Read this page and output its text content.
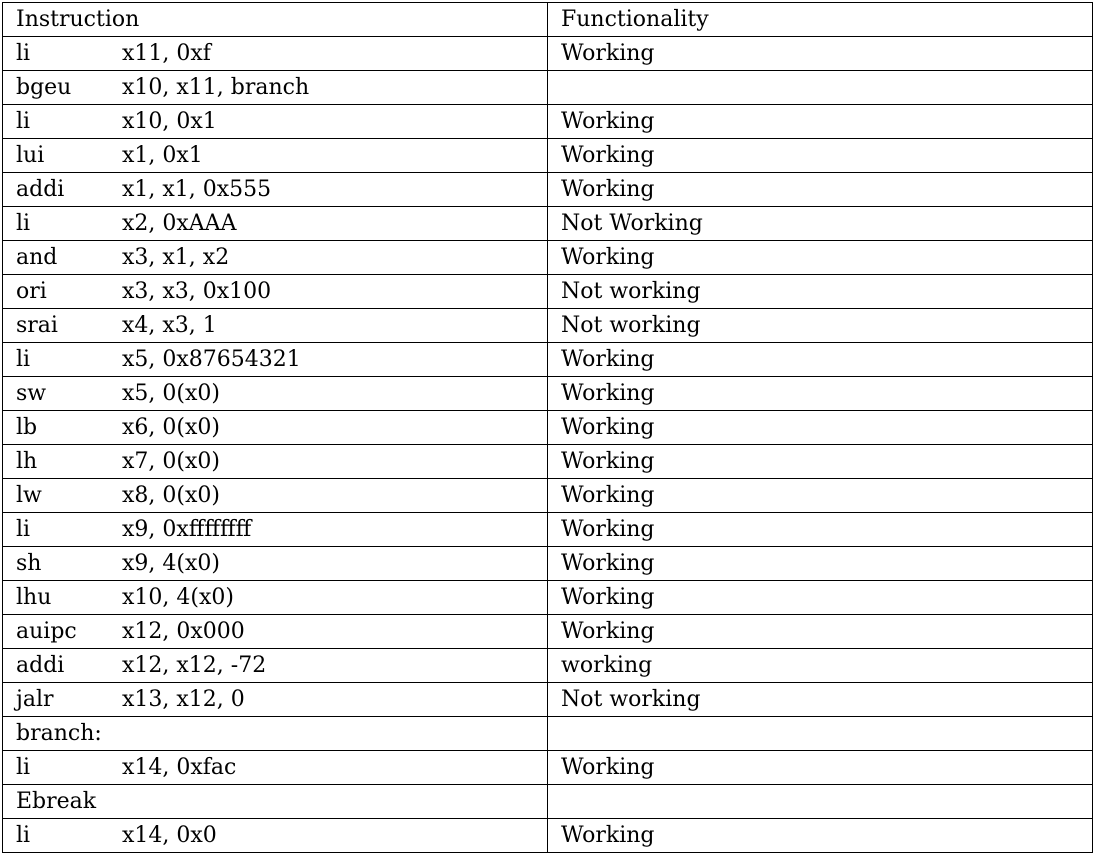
Instruction	Functionality
li x11, 0xf	Working
bgeu x10, x11, branch	
li x10, 0x1	Working
lui x1, 0x1	Working
addi x1, x1, 0x555	Working
li x2, 0xAAA	Not Working
and x3, x1, x2	Working
ori x3, x3, 0x100	Not working
srai x4, x3, 1	Not working
li x5, 0x87654321	Working
sw x5, 0(x0)	Working
lb x6, 0(x0)	Working
lh x7, 0(x0)	Working
lw x8, 0(x0)	Working
li x9, 0xffffffff	Working
sh x9, 4(x0)	Working
lhu x10, 4(x0)	Working
auipc x12, 0x000	Working
addi x12, x12, -72	working
jalr x13, x12, 0	Not working
branch:	
li x14, 0xfac	Working
Ebreak	
li x14, 0x0	Working
